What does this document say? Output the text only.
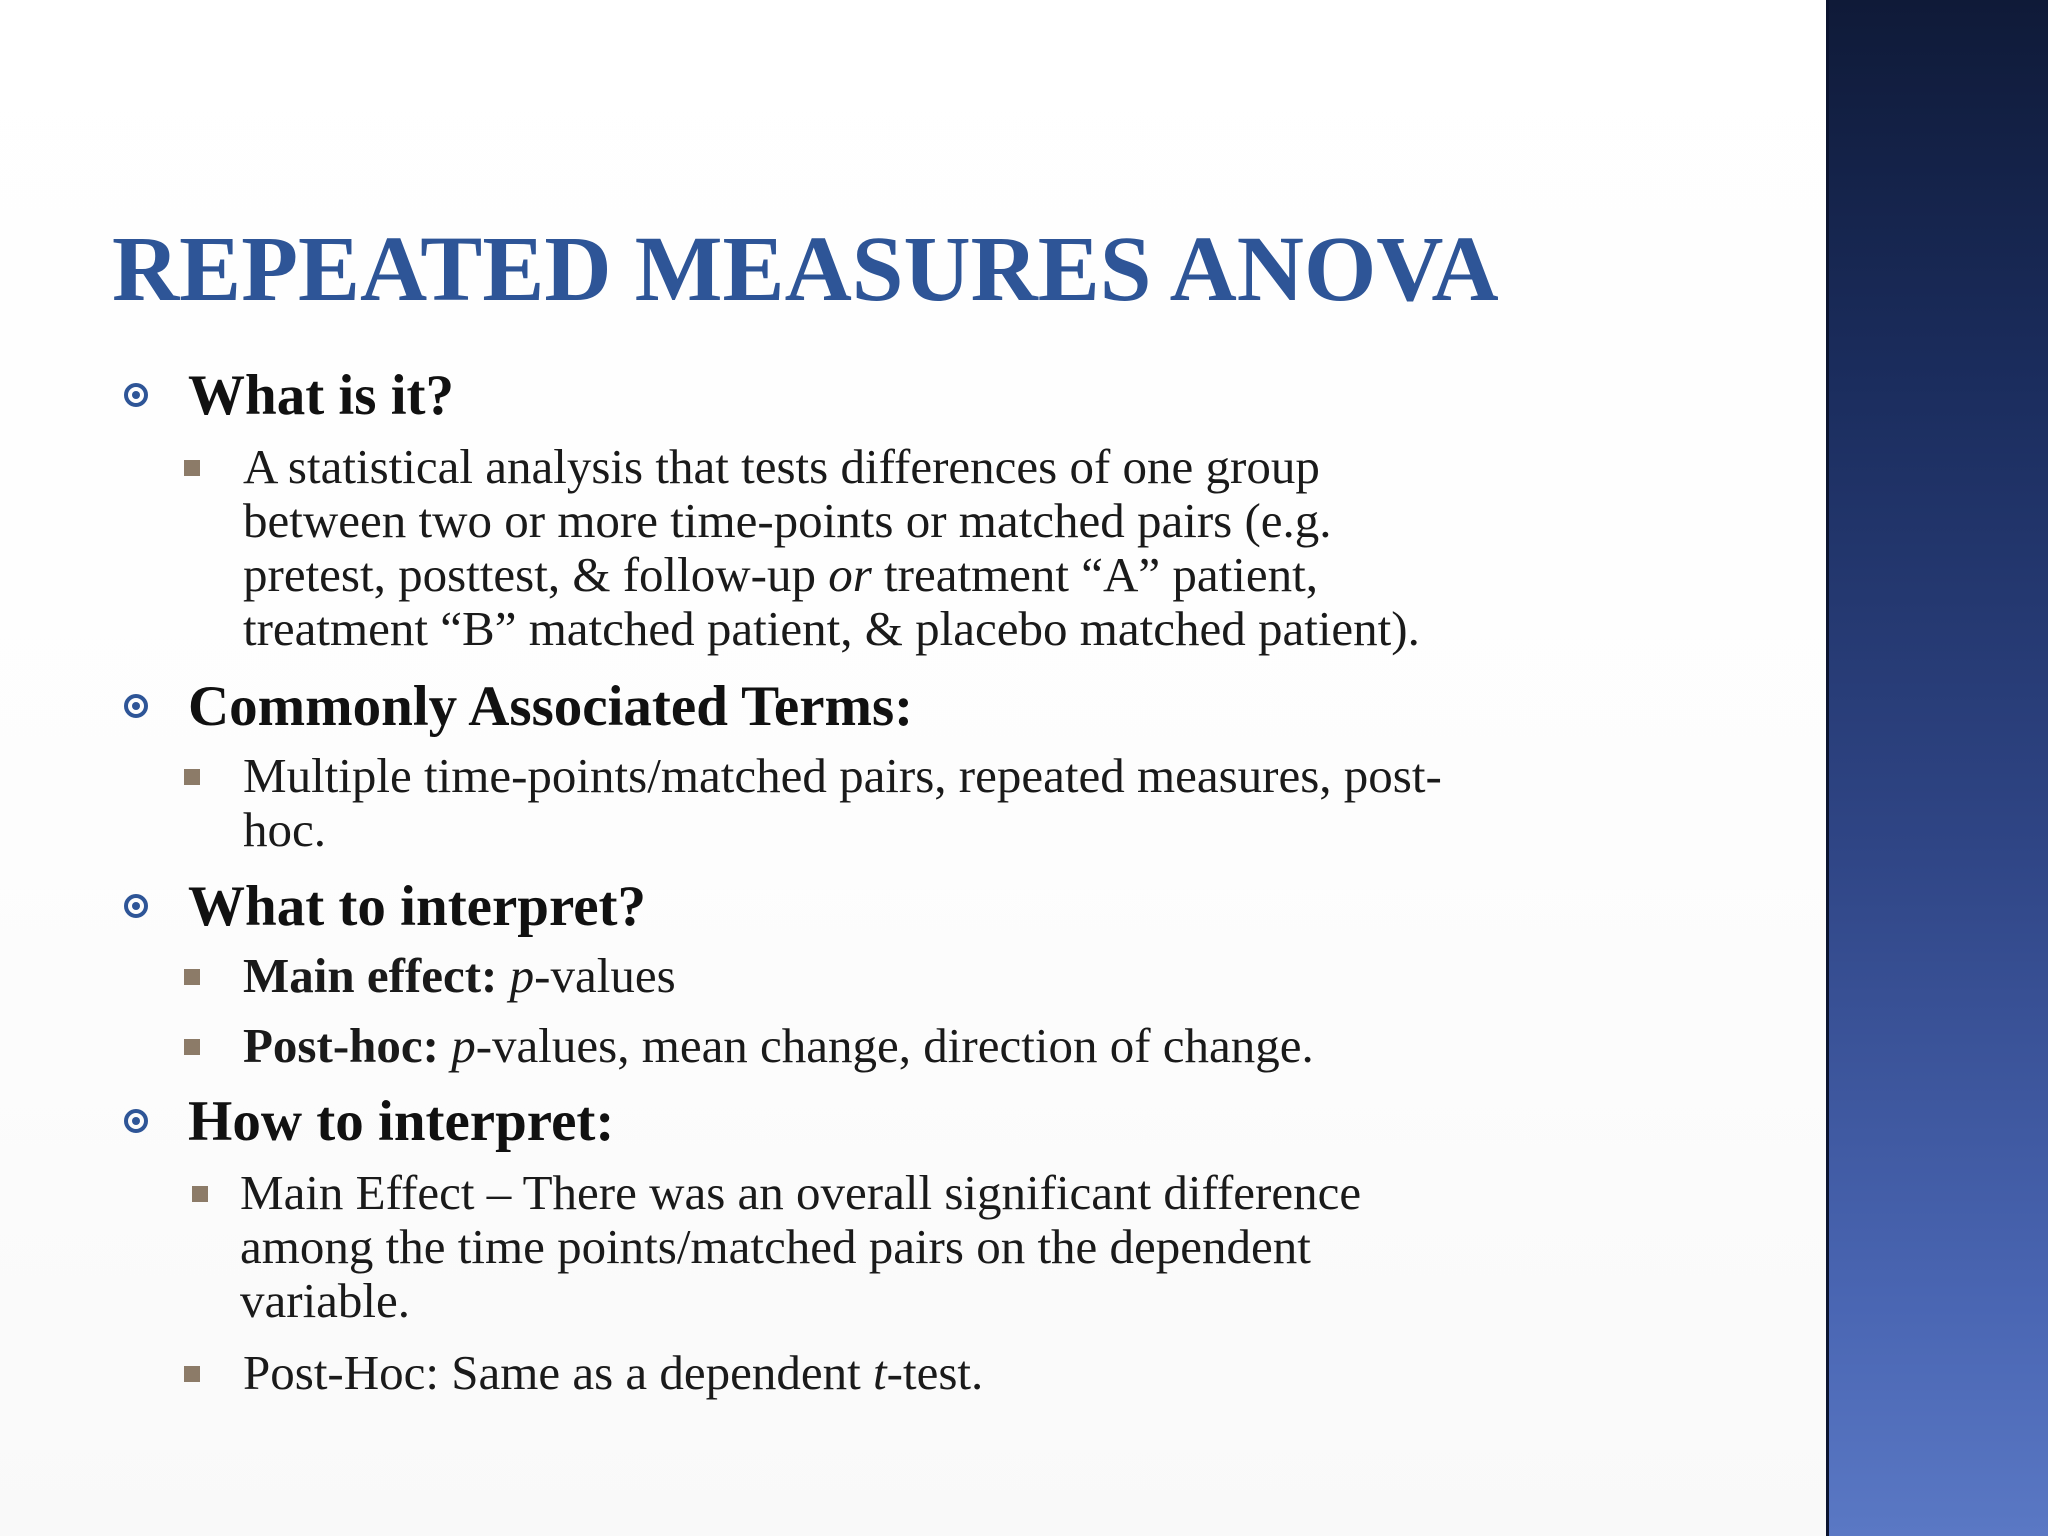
REPEATED MEASURES ANOVA
What is it?
A statistical analysis that tests differences of one group
between two or more time-points or matched pairs (e.g.
pretest, posttest, & follow-up or treatment “A” patient,
treatment “B” matched patient, & placebo matched patient).
Commonly Associated Terms:
Multiple time-points/matched pairs, repeated measures, post-
hoc.
What to interpret?
Main effect: p-values
Post-hoc: p-values, mean change, direction of change.
How to interpret:
Main Effect – There was an overall significant difference
among the time points/matched pairs on the dependent
variable.
Post-Hoc: Same as a dependent t-test.
